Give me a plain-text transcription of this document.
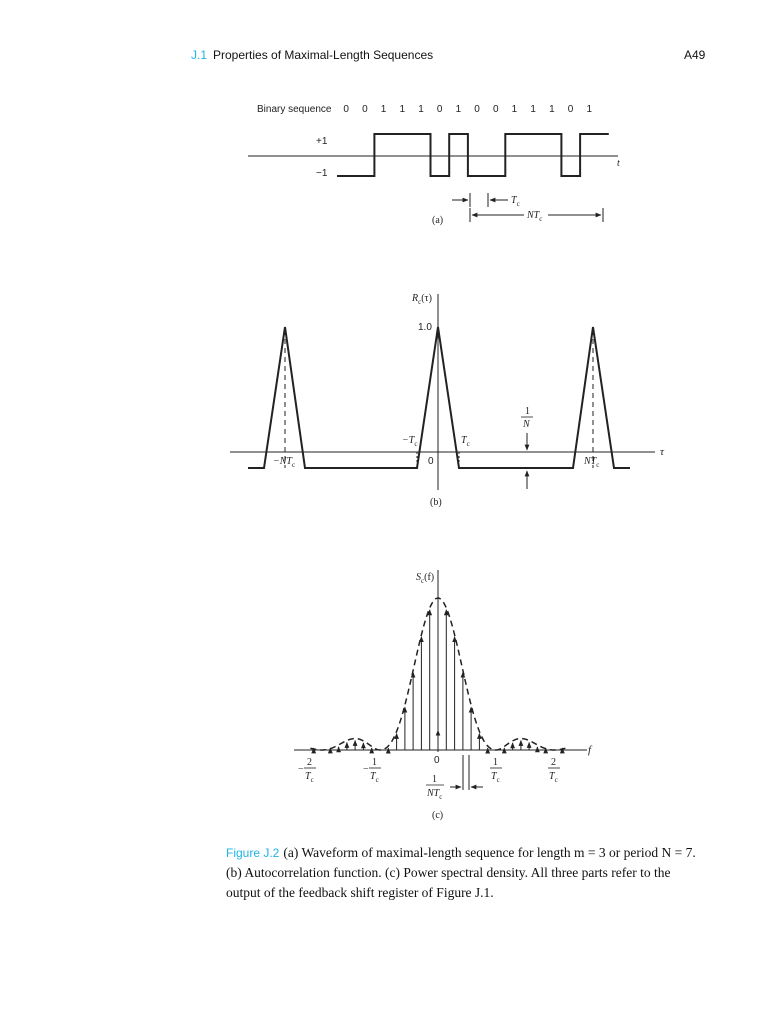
J.1 Properties of Maximal-Length Sequences	A49
Binary sequence 0 0 1 1 1 0 1 0 0 1 1 1 0 1
+1
−1
t
$T_c$
$NT_c$
(a)
$R_c(\tau)$
1.0
$-T_c$	$T_c$
$-NT_c$	$NT_c$
0
τ
1
N
(b)
f
$S_c(f)$
0
−
2
$T_c$
−
1
$T_c$
1
$T_c$
2
$T_c$
1
$NT_c$
(c)
Figure J.2 (a) Waveform of maximal-length sequence for length m = 3 or period N = 7. (b) Autocorrelation function. (c) Power spectral density. All three parts refer to the output of the feedback shift register of Figure J.1.
